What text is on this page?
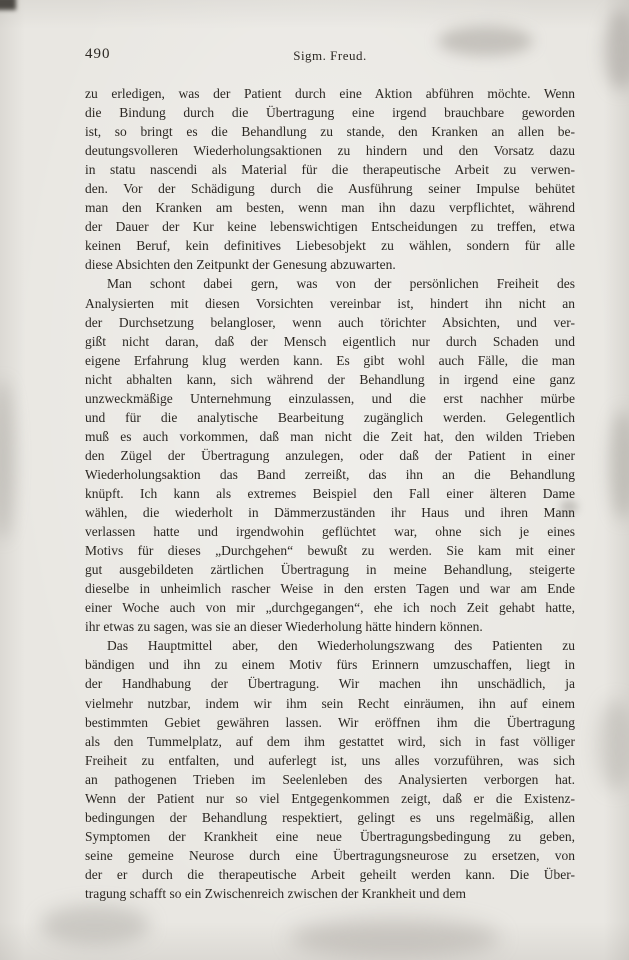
490	Sigm. Freud.
zu erledigen, was der Patient durch eine Aktion abführen möchte. Wenn
die Bindung durch die Übertragung eine irgend brauchbare geworden
ist, so bringt es die Behandlung zu stande, den Kranken an allen be-
deutungsvolleren Wiederholungsaktionen zu hindern und den Vorsatz dazu
in statu nascendi als Material für die therapeutische Arbeit zu verwen-
den. Vor der Schädigung durch die Ausführung seiner Impulse behütet
man den Kranken am besten, wenn man ihn dazu verpflichtet, während
der Dauer der Kur keine lebenswichtigen Entscheidungen zu treffen, etwa
keinen Beruf, kein definitives Liebesobjekt zu wählen, sondern für alle
diese Absichten den Zeitpunkt der Genesung abzuwarten.
Man schont dabei gern, was von der persönlichen Freiheit des
Analysierten mit diesen Vorsichten vereinbar ist, hindert ihn nicht an
der Durchsetzung belangloser, wenn auch törichter Absichten, und ver-
gißt nicht daran, daß der Mensch eigentlich nur durch Schaden und
eigene Erfahrung klug werden kann. Es gibt wohl auch Fälle, die man
nicht abhalten kann, sich während der Behandlung in irgend eine ganz
unzweckmäßige Unternehmung einzulassen, und die erst nachher mürbe
und für die analytische Bearbeitung zugänglich werden. Gelegentlich
muß es auch vorkommen, daß man nicht die Zeit hat, den wilden Trieben
den Zügel der Übertragung anzulegen, oder daß der Patient in einer
Wiederholungsaktion das Band zerreißt, das ihn an die Behandlung
knüpft. Ich kann als extremes Beispiel den Fall einer älteren Dame
wählen, die wiederholt in Dämmerzuständen ihr Haus und ihren Mann
verlassen hatte und irgendwohin geflüchtet war, ohne sich je eines
Motivs für dieses „Durchgehen“ bewußt zu werden. Sie kam mit einer
gut ausgebildeten zärtlichen Übertragung in meine Behandlung, steigerte
dieselbe in unheimlich rascher Weise in den ersten Tagen und war am Ende
einer Woche auch von mir „durchgegangen“, ehe ich noch Zeit gehabt hatte,
ihr etwas zu sagen, was sie an dieser Wiederholung hätte hindern können.
Das Hauptmittel aber, den Wiederholungszwang des Patienten zu
bändigen und ihn zu einem Motiv fürs Erinnern umzuschaffen, liegt in
der Handhabung der Übertragung. Wir machen ihn unschädlich, ja
vielmehr nutzbar, indem wir ihm sein Recht einräumen, ihn auf einem
bestimmten Gebiet gewähren lassen. Wir eröffnen ihm die Übertragung
als den Tummelplatz, auf dem ihm gestattet wird, sich in fast völliger
Freiheit zu entfalten, und auferlegt ist, uns alles vorzuführen, was sich
an pathogenen Trieben im Seelenleben des Analysierten verborgen hat.
Wenn der Patient nur so viel Entgegenkommen zeigt, daß er die Existenz-
bedingungen der Behandlung respektiert, gelingt es uns regelmäßig, allen
Symptomen der Krankheit eine neue Übertragungsbedingung zu geben,
seine gemeine Neurose durch eine Übertragungsneurose zu ersetzen, von
der er durch die therapeutische Arbeit geheilt werden kann. Die Über-
tragung schafft so ein Zwischenreich zwischen der Krankheit und dem
